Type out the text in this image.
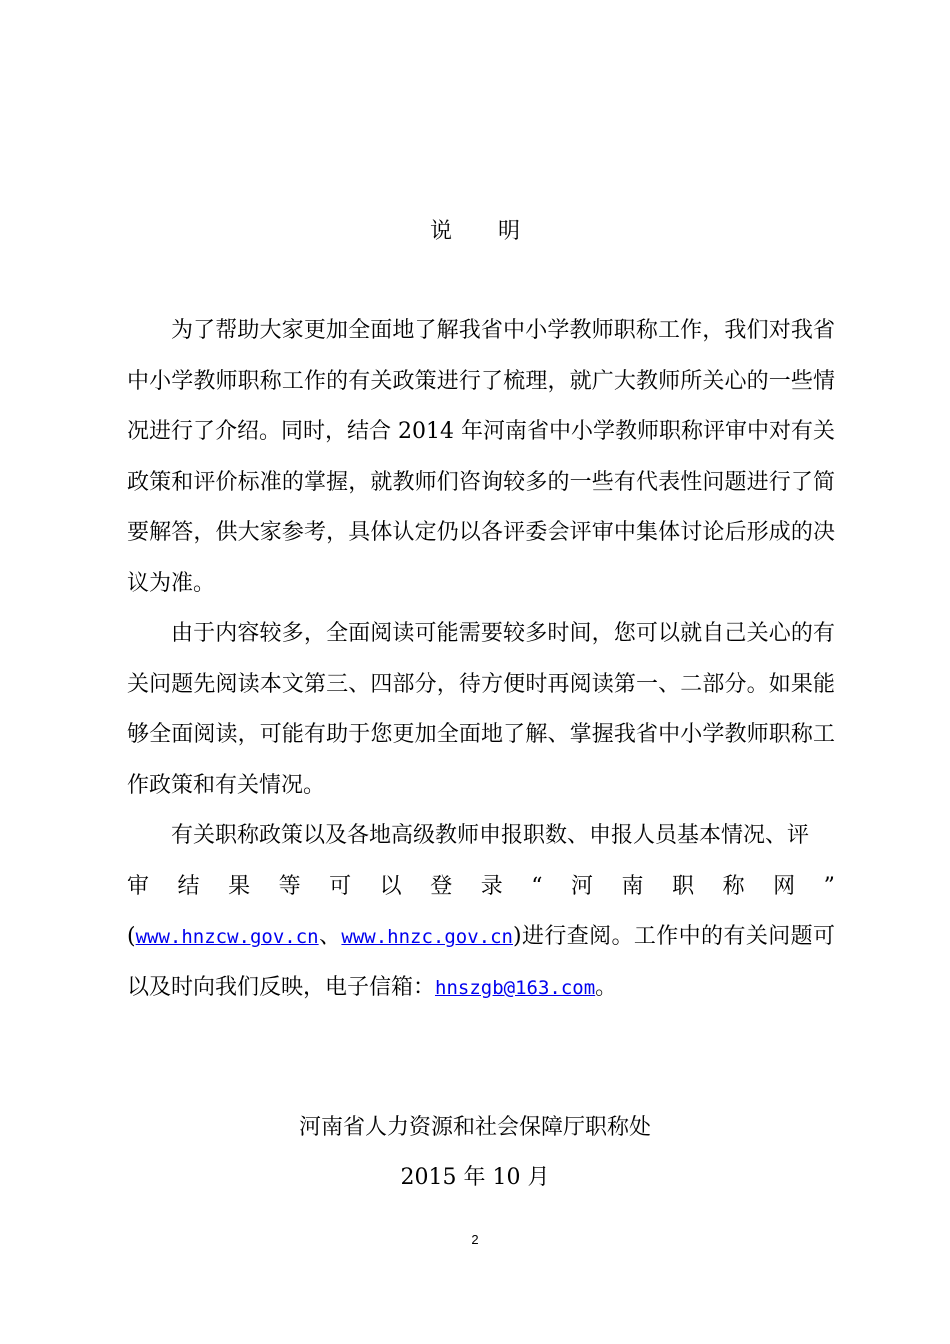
说 明

为了帮助大家更加全面地了解我省中小学教师职称工作，我们对我省中小学教师职称工作的有关政策进行了梳理，就广大教师所关心的一些情况进行了介绍。同时，结合 2014 年河南省中小学教师职称评审中对有关政策和评价标准的掌握，就教师们咨询较多的一些有代表性问题进行了简要解答，供大家参考，具体认定仍以各评委会评审中集体讨论后形成的决议为准。

由于内容较多，全面阅读可能需要较多时间，您可以就自己关心的有关问题先阅读本文第三、四部分，待方便时再阅读第一、二部分。如果能够全面阅读，可能有助于您更加全面地了解、掌握我省中小学教师职称工作政策和有关情况。

有关职称政策以及各地高级教师申报职数、申报人员基本情况、评

审 结 果 等 可 以 登 录 “ 河 南 职 称 网 ”

(www.hnzcw.gov.cn、www.hnzc.gov.cn)进行查阅。工作中的有关问题可以及时向我们反映，电子信箱：hnszgb@163.com。

河南省人力资源和社会保障厅职称处
2015 年 10 月
2
